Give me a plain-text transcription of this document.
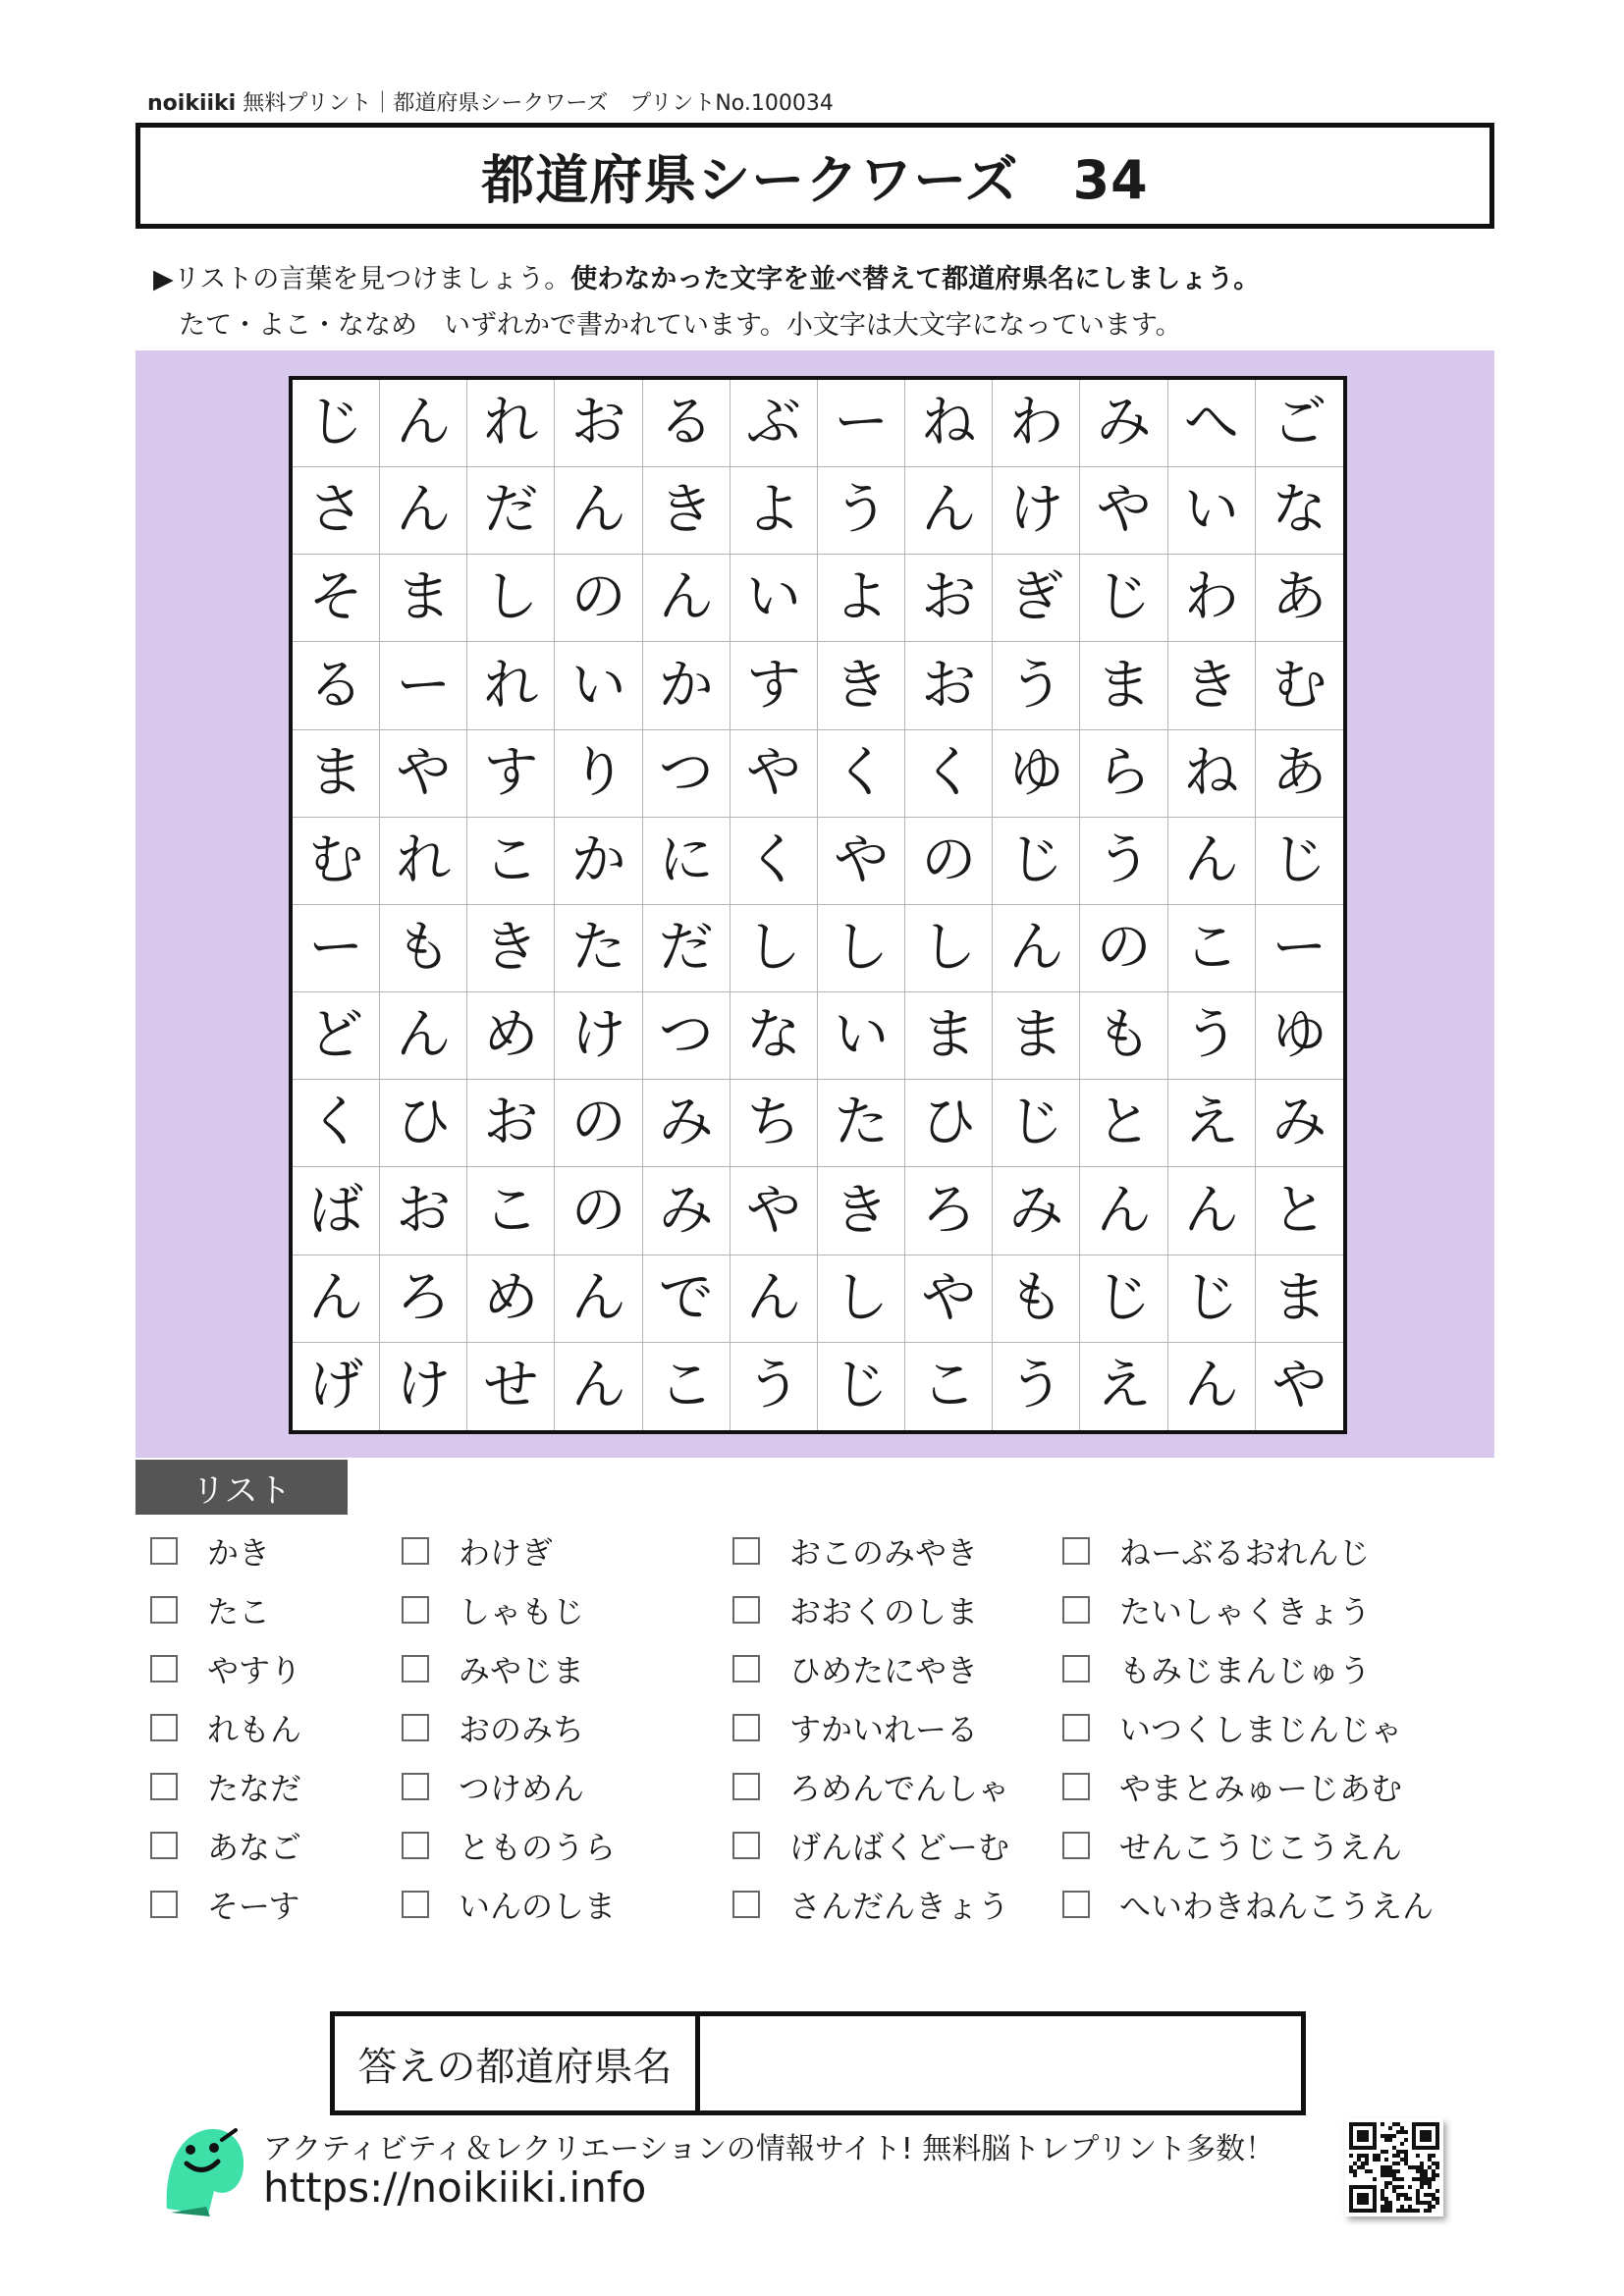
noikiiki 無料プリント｜都道府県シークワーズ　プリントNo.100034
都道府県シークワーズ　34
▶リストの言葉を見つけましょう。使わなかった文字を並べ替えて都道府県名にしましょう。
たて・よこ・ななめ　いずれかで書かれています。小文字は大文字になっています。
じ ん れ お る ぶ ー ね わ み へ ご
さ ん だ ん き よ う ん け や い な
そ ま し の ん い よ お ぎ じ わ あ
る ー れ い か す き お う ま き む
ま や す り つ や く く ゆ ら ね あ
む れ こ か に く や の じ う ん じ
ー も き た だ し し し ん の こ ー
ど ん め け つ な い ま ま も う ゆ
く ひ お の み ち た ひ じ と え み
ば お こ の み や き ろ み ん ん と
ん ろ め ん で ん し や も じ じ ま
げ け せ ん こ う じ こ う え ん や
リスト
かき
たこ
やすり
れもん
たなだ
あなご
そーす
わけぎ
しゃもじ
みやじま
おのみち
つけめん
とものうら
いんのしま
おこのみやき
おおくのしま
ひめたにやき
すかいれーる
ろめんでんしゃ
げんばくどーむ
さんだんきょう
ねーぶるおれんじ
たいしゃくきょう
もみじまんじゅう
いつくしまじんじゃ
やまとみゅーじあむ
せんこうじこうえん
へいわきねんこうえん
答えの都道府県名
アクティビティ＆レクリエーションの情報サイト! 無料脳トレプリント多数！
https://noikiiki.info
